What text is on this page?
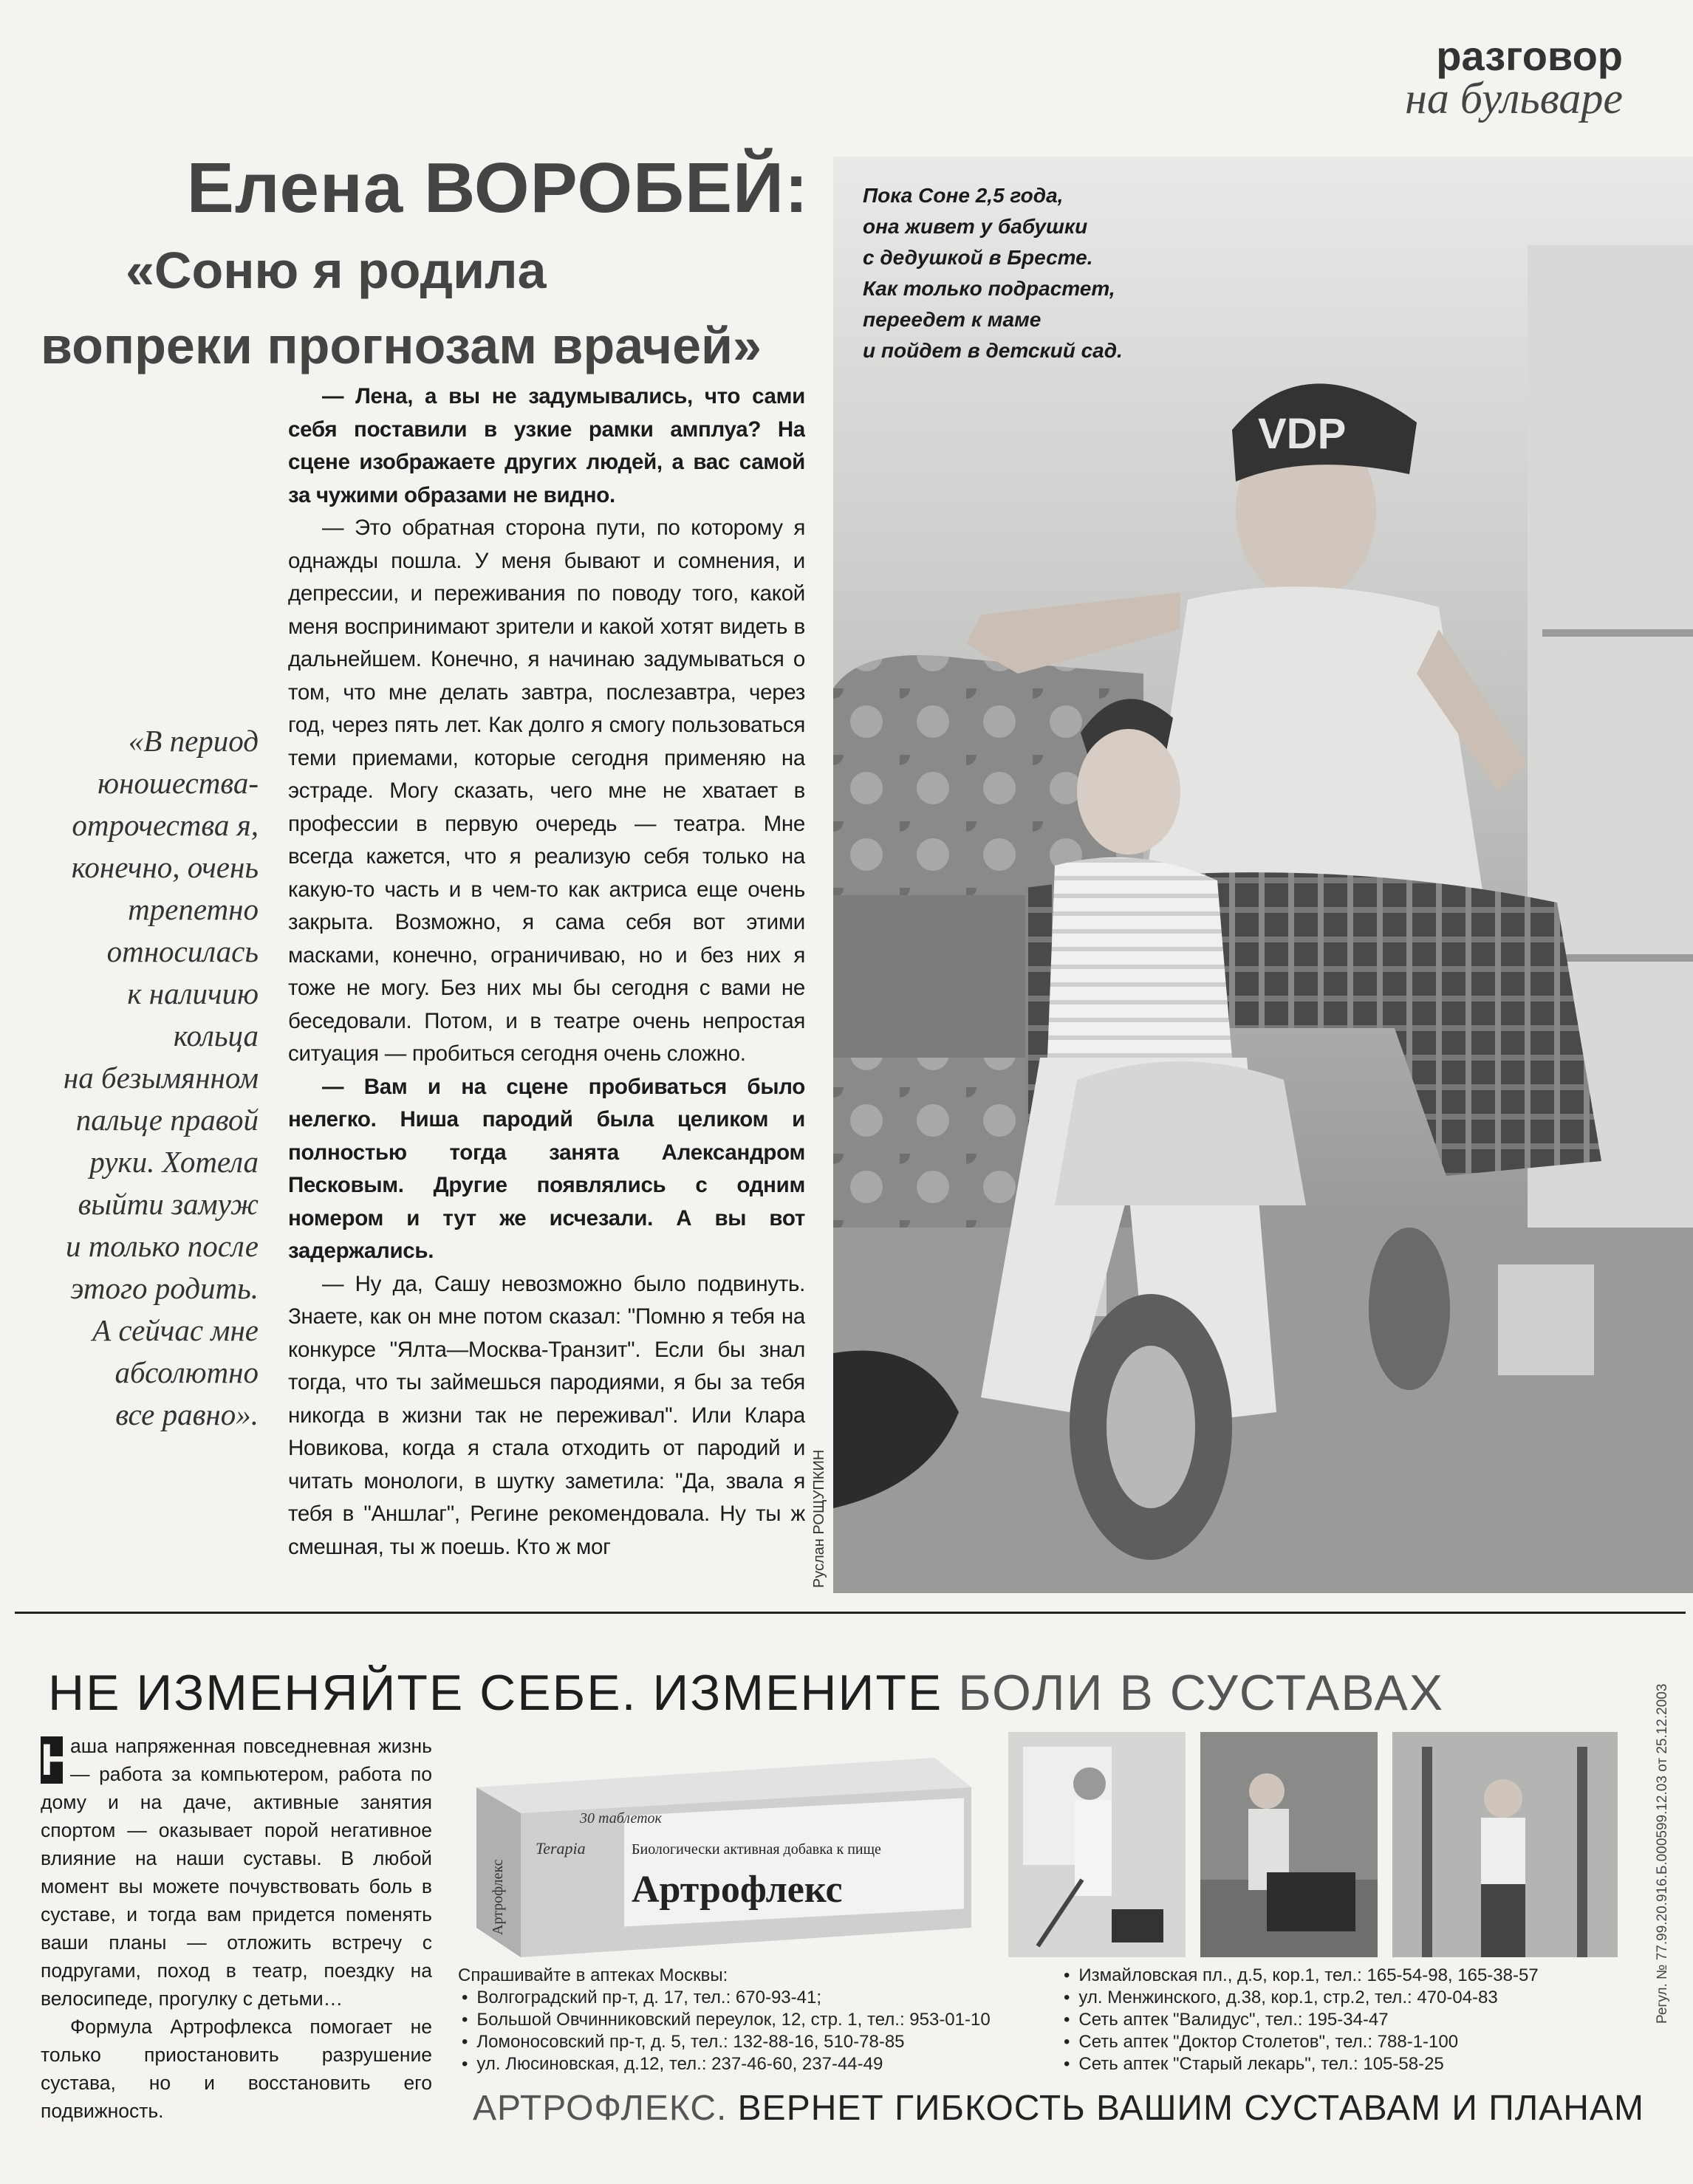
разговор
на бульваре
Елена ВОРОБЕЙ:
«Соню я родила
вопреки прогнозам врачей»
«В период
юношества-
отрочества я,
конечно, очень
трепетно
относилась
к наличию
кольца
на безымянном
пальце правой
руки. Хотела
выйти замуж
и только после
этого родить.
А сейчас мне
абсолютно
все равно».

— Лена, а вы не задумывались, что сами себя поставили в узкие рамки амплуа? На сцене изображаете других людей, а вас самой за чужими образами не видно.

— Это обратная сторона пути, по которому я однажды пошла. У меня бывают и сомнения, и депрессии, и переживания по поводу того, какой меня воспринимают зрители и какой хотят видеть в дальнейшем. Конечно, я начинаю задумываться о том, что мне делать завтра, послезавтра, через год, через пять лет. Как долго я смогу пользоваться теми приемами, которые сегодня применяю на эстраде. Могу сказать, чего мне не хватает в профессии в первую очередь — театра. Мне всегда кажется, что я реализую себя только на какую-то часть и в чем-то как актриса еще очень закрыта. Возможно, я сама себя вот этими масками, конечно, ограничиваю, но и без них я тоже не могу. Без них мы бы сегодня с вами не беседовали. Потом, и в театре очень непростая ситуация — пробиться сегодня очень сложно.

— Вам и на сцене пробиваться было нелегко. Ниша пародий была целиком и полностью тогда занята Александром Песковым. Другие появлялись с одним номером и тут же исчезали. А вы вот задержались.

— Ну да, Сашу невозможно было подвинуть. Знаете, как он мне потом сказал: "Помню я тебя на конкурсе "Ялта—Москва-Транзит". Если бы знал тогда, что ты займешься пародиями, я бы за тебя никогда в жизни так не переживал". Или Клара Новикова, когда я стала отходить от пародий и читать монологи, в шутку заметила: "Да, звала я тебя в "Аншлаг", Регине рекомендовала. Ну ты ж смешная, ты ж поешь. Кто ж мог

VDP
Пока Соне 2,5 года,
она живет у бабушки
с дедушкой в Бресте.
Как только подрастет,
переедет к маме
и пойдет в детский сад.
Руслан РОЩУПКИН
НЕ ИЗМЕНЯЙТЕ СЕБЕ. ИЗМЕНИТЕ БОЛИ В СУСТАВАХ

Н
аша напряженная повседневная жизнь — работа за компьютером, работа по дому и на даче, активные занятия спортом — оказывает порой негативное влияние на наши суставы. В любой момент вы можете почувствовать боль в суставе, и тогда вам придется поменять ваши планы — отложить встречу с подругами, поход в театр, поездку на велосипеде, прогулку с детьми…

Формула Артрофлекса помогает не только приостановить разрушение сустава, но и восстановить его подвижность.

30 таблеток
Terapia	Биологически активная добавка к пище
Артрофлекс
Артрофлекс
Спрашивайте в аптеках Москвы:
• Волгоградский пр-т, д. 17, тел.: 670-93-41;
• Большой Овчинниковский переулок, 12, стр. 1, тел.: 953-01-10
• Ломоносовский пр-т, д. 5, тел.: 132-88-16, 510-78-85
• ул. Люсиновская, д.12, тел.: 237-46-60, 237-44-49
• Измайловская пл., д.5, кор.1, тел.: 165-54-98, 165-38-57
• ул. Менжинского, д.38, кор.1, стр.2, тел.: 470-04-83
• Сеть аптек "Валидус", тел.: 195-34-47
• Сеть аптек "Доктор Столетов", тел.: 788-1-100
• Сеть аптек "Старый лекарь", тел.: 105-58-25
Регул. № 77.99.20.916.Б.000599.12.03 от 25.12.2003
АРТРОФЛЕКС. ВЕРНЕТ ГИБКОСТЬ ВАШИМ СУСТАВАМ И ПЛАНАМ
